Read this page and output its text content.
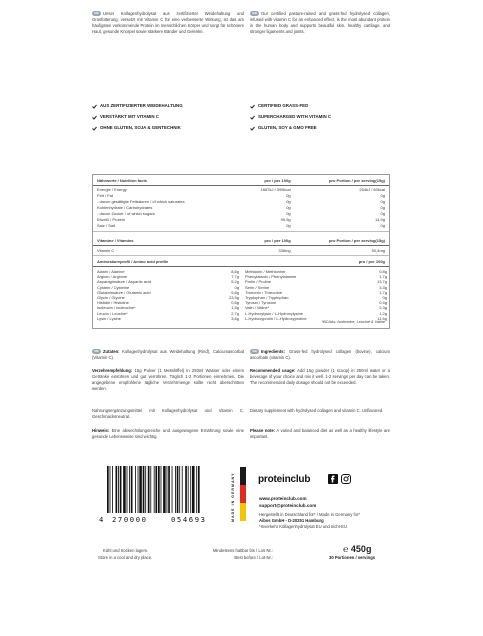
DE Unser Kollagenhydrolysat aus zertifizierter Weidehaltung und Grasfütterung, versetzt mit Vitamin C für eine verbesserte Wirkung, ist das am häufigsten vorkommende Protein im menschlichen Körper und sorgt für schönere Haut, gesunde Knorpel sowie stärkere Bänder und Gelenke.
GB Our certified pasture-raised and grass-fed hydrolysed collagen, infused with vitamin C for an enhanced effect, is the most abundant protein in the human body and supports beautiful skin, healthy cartilage, and stronger ligaments and joints.
AUS ZERTIFIZIERTER WEIDEHALTUNG
VERSTÄRKT MIT VITAMIN C
OHNE GLUTEN, SOJA & GENTECHNIK
CERTIFIED GRASS-FED
SUPERCHARGED WITH VITAMIN C
GLUTEN, SOY & GMO FREE
Nährwerte / Nutrition facts	pro / per 100g	pro Portion / per serving(15g)
Energie / Energy	1687kJ / 399kcal	254kJ / 60kcal
Fett / Fat	0g	0g
- davon gesättigte Fettsäuren / of which saturates	0g	0g
Kohlenhydrate / Carbohydrates	0g	0g
- davon Zucker / of which sugars	0g	0g
Eiweiß / Protein	99,5g	14,9g
Salz / Salt	0g	0g
Vitamine / Vitamins	pro / per 100g	pro Portion / per serving(15g)
Vitamin C	336mg	50,4mg
Aminosäureprofil / Amino acid profile	pro / per 100g
Alanin / Alanine	8,6g
Arginin / Arginine	7,7g
Asparaginsäure / Aspartic acid	5,2g
Cystein / Cysteine	0g
Glutaminsäure / Glutamic acid	9,8g
Glycin / Glycine	23,5g
Histidin / Histidine	0,6g
Isoleucin / Isoleucine*	1,5g
Leucin / Leucine*	2,7g
Lysin / Lysine	3,6g
Methionin / Methionine	0,8g
Phenylalanin / Phenylalanine	1,7g
Prolin / Proline	13,7g
Serin / Serine	3,3g
Threonin / Threonine	1,7g
Tryptophan / Tryptophan	0g
Tyrosin / Tyrosine	0,4g
Valin / Valine*	2,3g
L-Hydroxylysin / L-Hydroxylysine	1,2g
L-Hydroxyprolin / L-Hydroxyproline	11,6g
*BCAAs: Isoleucine, Leucine & Valine
DE Zutaten: Kollagenhydrolysat aus Weidehaltung (Rind), Calciumascorbat (Vitamin C).
Verzehrempfehlung: 15g Pulver (1 Messlöffel) in 250ml Wasser oder einem Getränke einrühren und gut verrühren. Täglich 1-2 Portionen einnehmen. Die angegebene empfohlene tägliche Verzehrmenge sollte nicht überschritten werden.
Nahrungsergänzungsmittel mit Kollagenhydrolysat und Vitamin C. Geschmacksneutral.
Hinweis: Eine abwechslungsreiche und ausgewogene Ernährung sowie eine gesunde Lebensweise sind wichtig.
GB Ingredients: Grass-fed hydrolysed collagen (bovine), calcium ascorbate (vitamin C).
Recommended usage: Add 15g powder (1 scoop) in 250ml water or a beverage of your choice and mix it well. 1-2 servings per day can be taken. The recommended daily dosage should not be exceeded.
Dietary supplement with hydrolysed collagen and vitamin C. Unflavored.
Please note: A varied and balanced diet as well as a healthy lifestyle are important.
4 270000	054693	MADE IN GERMANY	proteinclub
www.proteinclub.com
support@proteinclub.com
Hergestellt in Deutschland für* / Made in Germany for*
Aibos GmbH - D-20251 Hamburg
*Inverkehr Kollagenhydrolysat EU und nicht-EU
Kühl und trocken lagern.
Store in a cool and dry place.
Mindestens haltbar bis / Los-Nr.:
Best before / Lot-Nr.:
℮ 450g
30 Portionen / servings
